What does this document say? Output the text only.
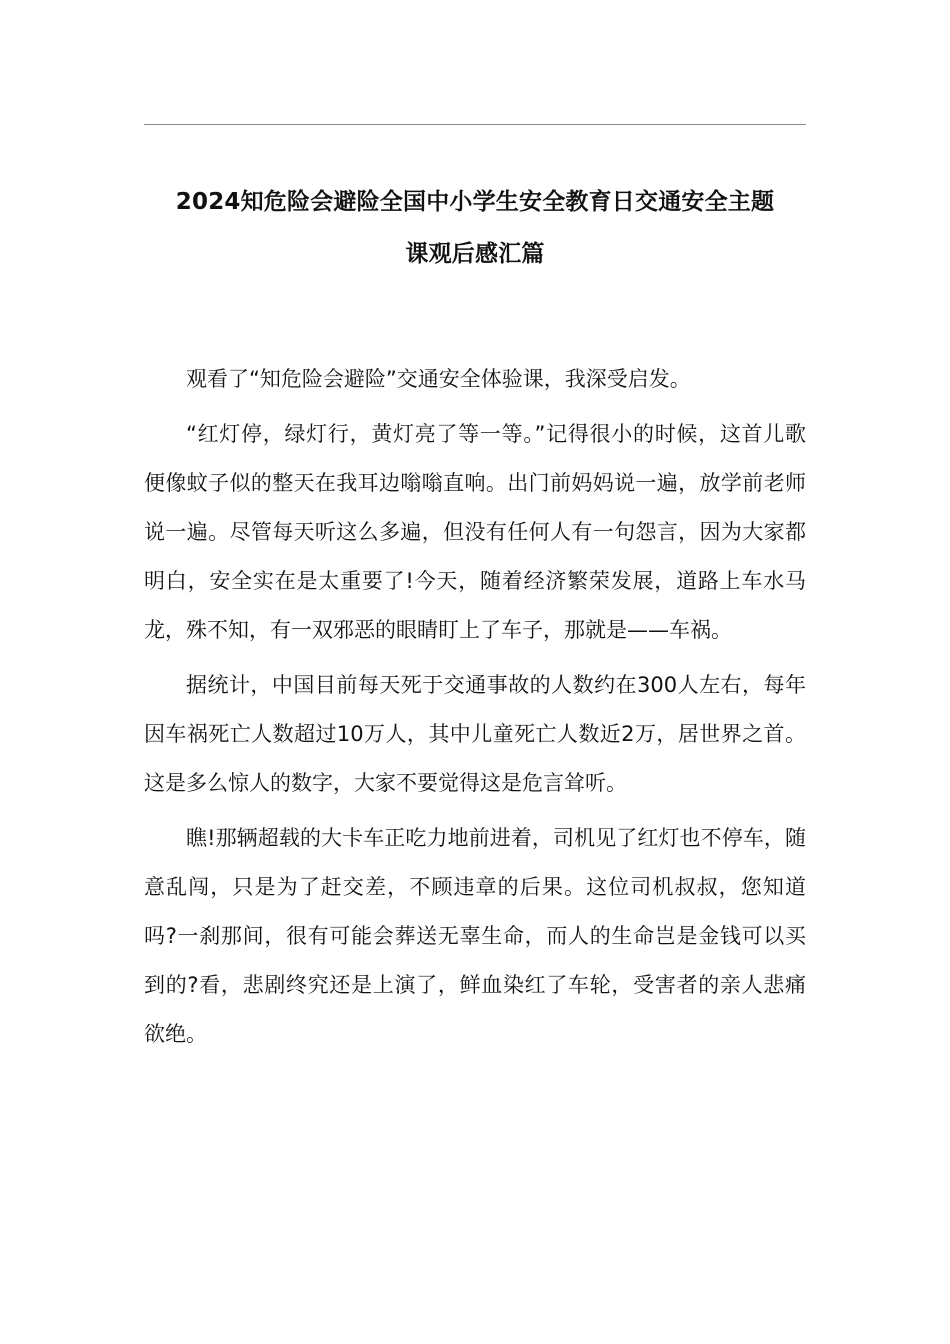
2024知危险会避险全国中小学生安全教育日交通安全主题
课观后感汇篇

观看了“知危险会避险”交通安全体验课，我深受启发。

“红灯停，绿灯行，黄灯亮了等一等。”记得很小的时候，这首儿歌便像蚊子似的整天在我耳边嗡嗡直响。出门前妈妈说一遍，放学前老师说一遍。尽管每天听这么多遍，但没有任何人有一句怨言，因为大家都明白，安全实在是太重要了!今天，随着经济繁荣发展，道路上车水马龙，殊不知，有一双邪恶的眼睛盯上了车子，那就是——车祸。

据统计，中国目前每天死于交通事故的人数约在300人左右，每年因车祸死亡人数超过10万人，其中儿童死亡人数近2万，居世界之首。这是多么惊人的数字，大家不要觉得这是危言耸听。

瞧!那辆超载的大卡车正吃力地前进着，司机见了红灯也不停车，随意乱闯，只是为了赶交差，不顾违章的后果。这位司机叔叔，您知道吗?一刹那间，很有可能会葬送无辜生命，而人的生命岂是金钱可以买到的?看，悲剧终究还是上演了，鲜血染红了车轮，受害者的亲人悲痛欲绝。
